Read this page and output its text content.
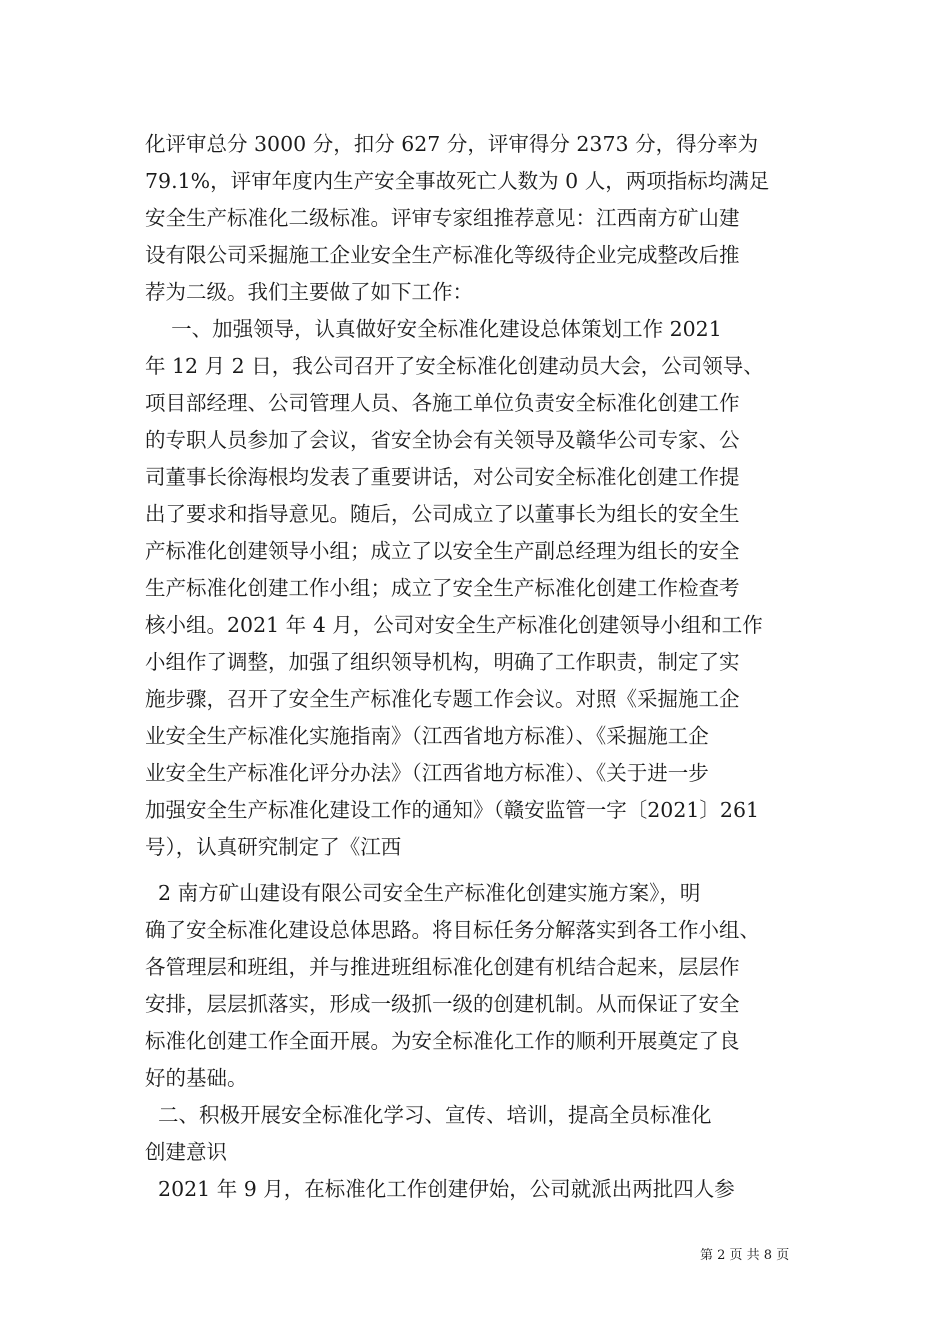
化评审总分 3000 分，扣分 627 分，评审得分 2373 分，得分率为
79.1%，评审年度内生产安全事故死亡人数为 0 人，两项指标均满足
安全生产标准化二级标准。评审专家组推荐意见：江西南方矿山建
设有限公司采掘施工企业安全生产标准化等级待企业完成整改后推
荐为二级。我们主要做了如下工作：
一、加强领导，认真做好安全标准化建设总体策划工作 2021
年 12 月 2 日，我公司召开了安全标准化创建动员大会，公司领导、
项目部经理、公司管理人员、各施工单位负责安全标准化创建工作
的专职人员参加了会议，省安全协会有关领导及赣华公司专家、公
司董事长徐海根均发表了重要讲话，对公司安全标准化创建工作提
出了要求和指导意见。随后，公司成立了以董事长为组长的安全生
产标准化创建领导小组；成立了以安全生产副总经理为组长的安全
生产标准化创建工作小组；成立了安全生产标准化创建工作检查考
核小组。2021 年 4 月，公司对安全生产标准化创建领导小组和工作
小组作了调整，加强了组织领导机构，明确了工作职责，制定了实
施步骤，召开了安全生产标准化专题工作会议。对照《采掘施工企
业安全生产标准化实施指南》（江西省地方标准）、《采掘施工企
业安全生产标准化评分办法》（江西省地方标准）、《关于进一步
加强安全生产标准化建设工作的通知》（赣安监管一字〔2021〕261
号），认真研究制定了《江西
2 南方矿山建设有限公司安全生产标准化创建实施方案》，明
确了安全标准化建设总体思路。将目标任务分解落实到各工作小组、
各管理层和班组，并与推进班组标准化创建有机结合起来，层层作
安排，层层抓落实，形成一级抓一级的创建机制。从而保证了安全
标准化创建工作全面开展。为安全标准化工作的顺利开展奠定了良
好的基础。
二、积极开展安全标准化学习、宣传、培训，提高全员标准化
创建意识
2021 年 9 月，在标准化工作创建伊始，公司就派出两批四人参
第 2 页 共 8 页
